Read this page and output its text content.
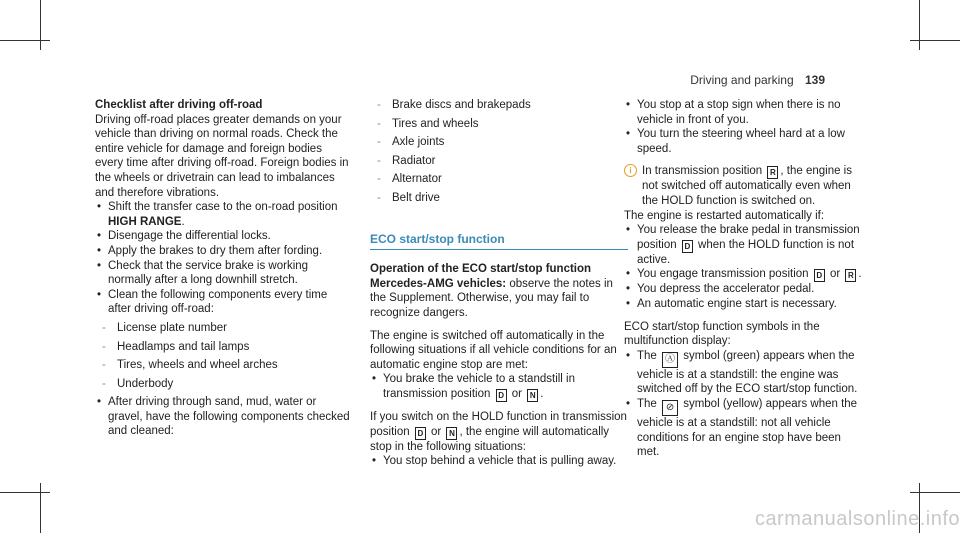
Driving and parking 139

Checklist after driving off-road

Driving off-road places greater demands on your vehicle than driving on normal roads. Check the entire vehicle for damage and foreign bodies every time after driving off-road. Foreign bodies in the wheels or drivetrain can lead to imbalances and therefore vibrations.

• Shift the transfer case to the on-road position HIGH RANGE.

• Disengage the differential locks.

• Apply the brakes to dry them after fording.

• Check that the service brake is working normally after a long downhill stretch.

• Clean the following components every time after driving off-road:

- License plate number

- Headlamps and tail lamps

- Tires, wheels and wheel arches

- Underbody

• After driving through sand, mud, water or gravel, have the following components checked and cleaned:

- Brake discs and brakepads

- Tires and wheels

- Axle joints

- Radiator

- Alternator

- Belt drive

ECO start/stop function

Operation of the ECO start/stop function

Mercedes-AMG vehicles: observe the notes in the Supplement. Otherwise, you may fail to recognize dangers.

The engine is switched off automatically in the following situations if all vehicle conditions for an automatic engine stop are met:

• You brake the vehicle to a standstill in transmission position D or N .

If you switch on the HOLD function in transmission position D or N , the engine will automatically stop in the following situations:

• You stop behind a vehicle that is pulling away.

• You stop at a stop sign when there is no vehicle in front of you.

• You turn the steering wheel hard at a low speed.

i In transmission position R , the engine is not switched off automatically even when the HOLD function is switched on.

The engine is restarted automatically if:

• You release the brake pedal in transmission position D when the HOLD function is not active.

• You engage transmission position D or R .

• You depress the accelerator pedal.

• An automatic engine start is necessary.

ECO start/stop function symbols in the multifunction display:

• The Ⓐ symbol (green) appears when the vehicle is at a standstill: the engine was switched off by the ECO start/stop function.

• The ⊘ symbol (yellow) appears when the vehicle is at a standstill: not all vehicle conditions for an engine stop have been met.

carmanualsonline.info
